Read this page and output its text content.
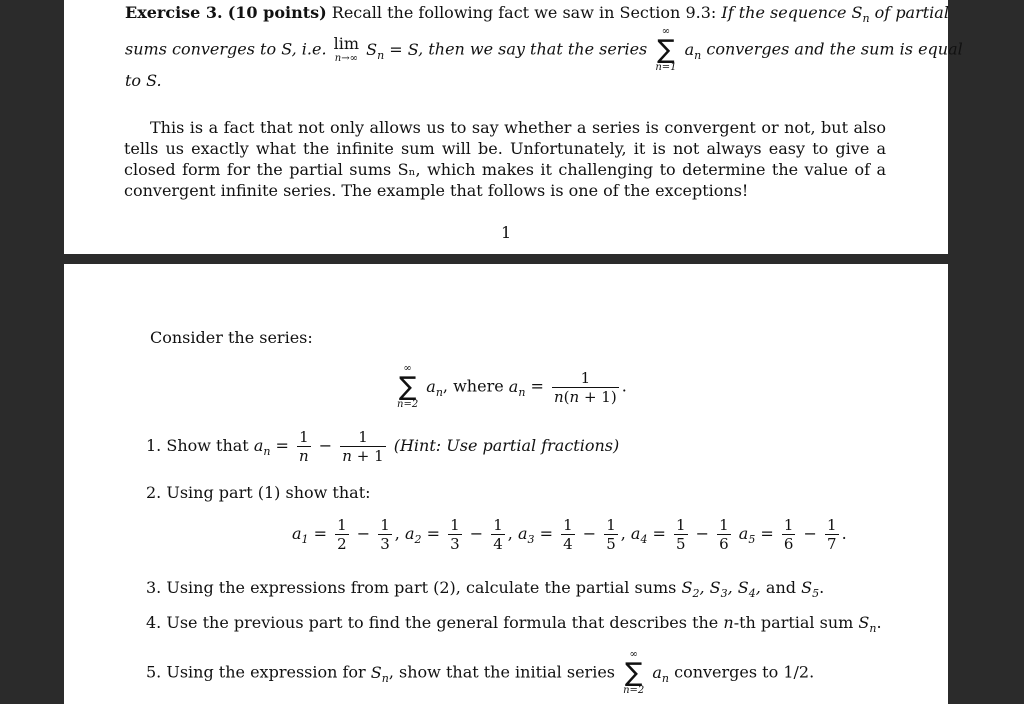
Exercise 3. (10 points) Recall the following fact we saw in Section 9.3: If the sequence $S_n$ of partial
sums converges to S, i.e. lim
n→∞ $S_n = S$, then we say that the series
∞
∑
n=1
$a_n$ converges and the sum is equal
to S.
This is a fact that not only allows us to say whether a series is convergent or not, but also tells us exactly what the infinite sum will be. Unfortunately, it is not always easy to give a closed form for the partial sums Sₙ, which makes it challenging to determine the value of a convergent infinite series. The example that follows is one of the exceptions!
1
Consider the series:
∞
∑
n=2
$a_n$, where $a_n = \frac{1}{n(n + 1)}$ .
1. Show that $a_n = \frac{1}{n} - \frac{1}{n + 1}$ (Hint: Use partial fractions)
2. Using part (1) show that:
$a_1 = \frac{1}{2} - \frac{1}{3}$ , $a_2 = \frac{1}{3} - \frac{1}{4}$ , $a_3 = \frac{1}{4} - \frac{1}{5}$ , $a_4 = \frac{1}{5} - \frac{1}{6} a_5 = \frac{1}{6} - \frac{1}{7}$ .
3. Using the expressions from part (2), calculate the partial sums $S_2$, $S_3$, $S_4$, and $S_5$.
4. Use the previous part to find the general formula that describes the n-th partial sum $S_n$.
5. Using the expression for $S_n$, show that the initial series
∞
∑
n=2
$a_n$ converges to 1/2.
